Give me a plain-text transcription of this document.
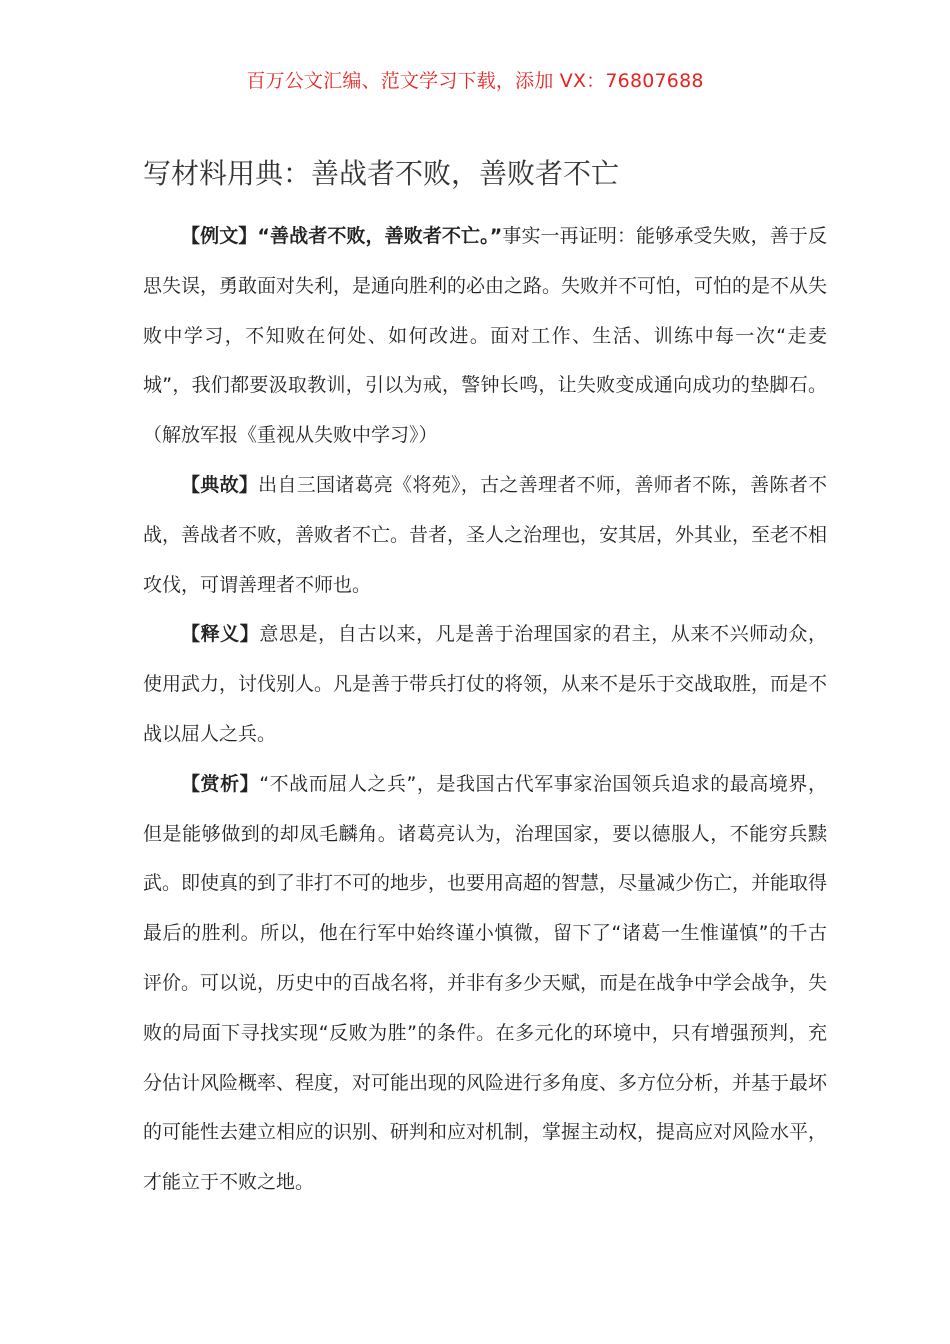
百万公文汇编、范文学习下载，添加 VX：76807688
写材料用典：善战者不败，善败者不亡

【例文】“善战者不败，善败者不亡。”事实一再证明：能够承受失败，善于反思失误，勇敢面对失利，是通向胜利的必由之路。失败并不可怕，可怕的是不从失败中学习，不知败在何处、如何改进。面对工作、生活、训练中每一次“走麦城”，我们都要汲取教训，引以为戒，警钟长鸣，让失败变成通向成功的垫脚石。（解放军报《重视从失败中学习》）

【典故】出自三国诸葛亮《将苑》，古之善理者不师，善师者不陈，善陈者不战，善战者不败，善败者不亡。昔者，圣人之治理也，安其居，外其业，至老不相攻伐，可谓善理者不师也。

【释义】意思是，自古以来，凡是善于治理国家的君主，从来不兴师动众，使用武力，讨伐别人。凡是善于带兵打仗的将领，从来不是乐于交战取胜，而是不战以屈人之兵。

【赏析】“不战而屈人之兵”，是我国古代军事家治国领兵追求的最高境界，但是能够做到的却凤毛麟角。诸葛亮认为，治理国家，要以德服人，不能穷兵黩武。即使真的到了非打不可的地步，也要用高超的智慧，尽量减少伤亡，并能取得最后的胜利。所以，他在行军中始终谨小慎微，留下了“诸葛一生惟谨慎”的千古评价。可以说，历史中的百战名将，并非有多少天赋，而是在战争中学会战争，失败的局面下寻找实现“反败为胜”的条件。在多元化的环境中，只有增强预判，充分估计风险概率、程度，对可能出现的风险进行多角度、多方位分析，并基于最坏的可能性去建立相应的识别、研判和应对机制，掌握主动权，提高应对风险水平，才能立于不败之地。
